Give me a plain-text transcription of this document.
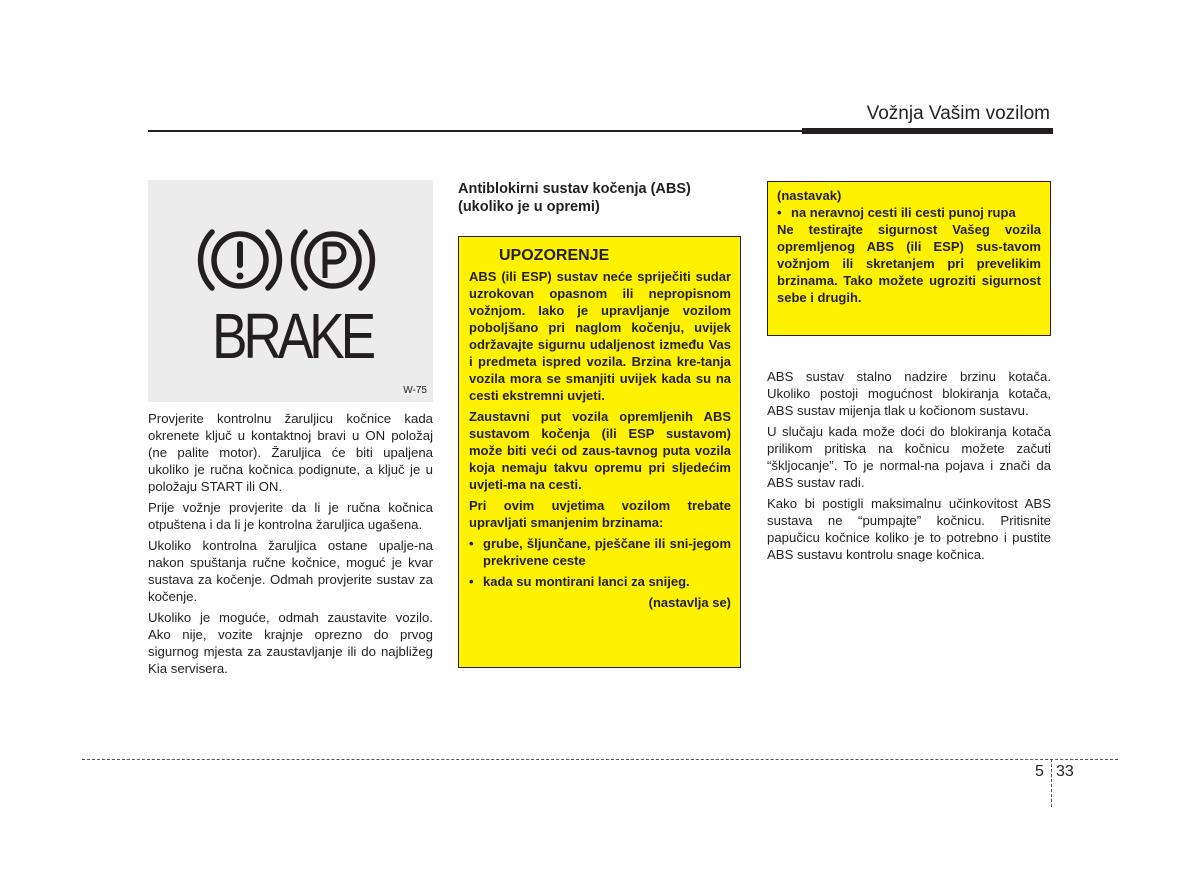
Vožnja Vašim vozilom
BRAKE
W-75

Provjerite kontrolnu žaruljicu kočnice kada okrenete ključ u kontaktnoj bravi u ON položaj (ne palite motor). Žaruljica će biti upaljena ukoliko je ručna kočnica podignute, a ključ je u položaju START ili ON.

Prije vožnje provjerite da li je ručna kočnica otpuštena i da li je kontrolna žaruljica ugašena.

Ukoliko kontrolna žaruljica ostane upalje-na nakon spuštanja ručne kočnice, moguć je kvar sustava za kočenje. Odmah provjerite sustav za kočenje.

Ukoliko je moguće, odmah zaustavite vozilo. Ako nije, vozite krajnje oprezno do prvog sigurnog mjesta za zaustavljanje ili do najbližeg Kia servisera.

Antiblokirni sustav kočenja (ABS) (ukoliko je u opremi)
UPOZORENJE

ABS (ili ESP) sustav neće spriječiti sudar uzrokovan opasnom ili nepropisnom vožnjom. Iako je upravljanje vozilom poboljšano pri naglom kočenju, uvijek održavajte sigurnu udaljenost između Vas i predmeta ispred vozila. Brzina kre-tanja vozila mora se smanjiti uvijek kada su na cesti ekstremni uvjeti.

Zaustavni put vozila opremljenih ABS sustavom kočenja (ili ESP sustavom) može biti veći od zaus-tavnog puta vozila koja nemaju takvu opremu pri sljedećim uvjeti-ma na cesti.

Pri ovim uvjetima vozilom trebate upravljati smanjenim brzinama:

• grube, šljunčane, pješčane ili sni-jegom prekrivene ceste
• kada su montirani lanci za snijeg.
(nastavlja se)

(nastavak)

• na neravnoj cesti ili cesti punoj rupa

Ne testirajte sigurnost Vašeg vozila opremljenog ABS (ili ESP) sus-tavom vožnjom ili skretanjem pri prevelikim brzinama. Tako možete ugroziti sigurnost sebe i drugih.

ABS sustav stalno nadzire brzinu kotača. Ukoliko postoji mogućnost blokiranja kotača, ABS sustav mijenja tlak u kočionom sustavu.

U slučaju kada može doći do blokiranja kotača prilikom pritiska na kočnicu možete začuti “škljocanje”. To je normal-na pojava i znači da ABS sustav radi.

Kako bi postigli maksimalnu učinkovitost ABS sustava ne “pumpajte” kočnicu. Pritisnite papučicu kočnice koliko je to potrebno i pustite ABS sustavu kontrolu snage kočnica.

5 33
